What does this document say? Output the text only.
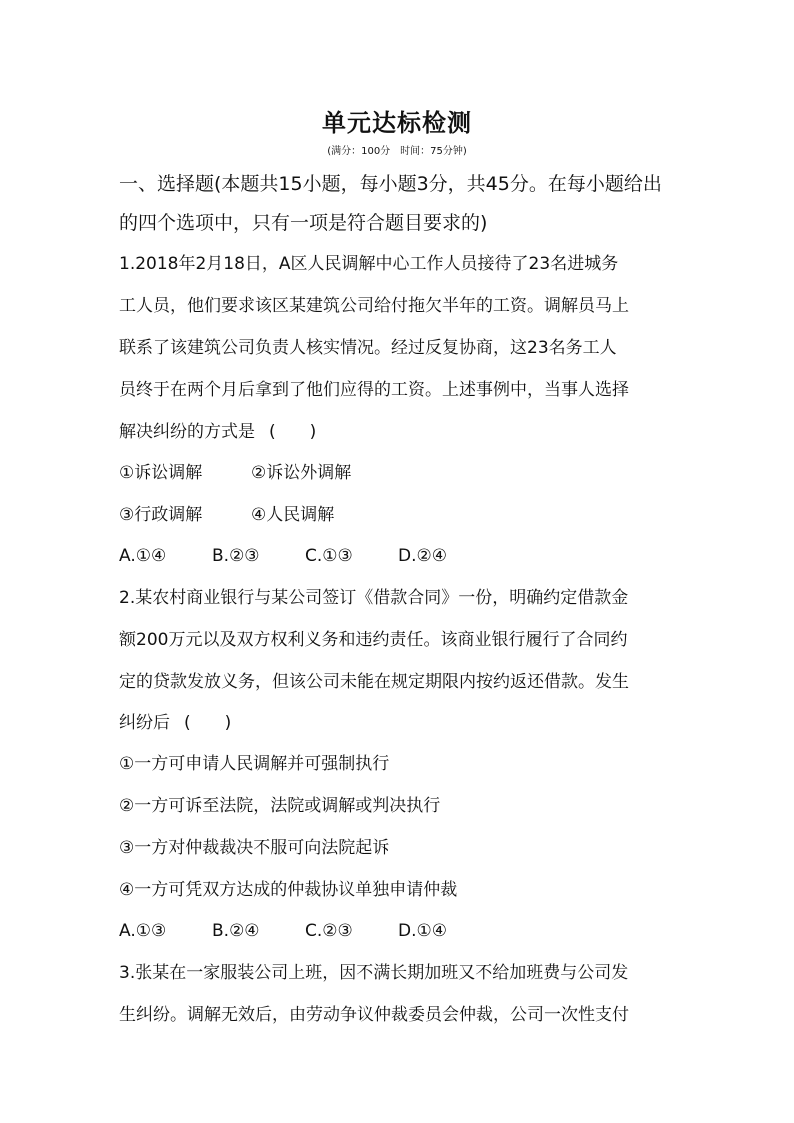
单元达标检测
(满分：100分　时间：75分钟)
一、选择题(本题共15小题，每小题3分，共45分。在每小题给出
的四个选项中，只有一项是符合题目要求的)
1.2018年2月18日，A区人民调解中心工作人员接待了23名进城务
工人员，他们要求该区某建筑公司给付拖欠半年的工资。调解员马上
联系了该建筑公司负责人核实情况。经过反复协商，这23名务工人
员终于在两个月后拿到了他们应得的工资。上述事例中，当事人选择
解决纠纷的方式是 (　　)
①诉讼调解	②诉讼外调解
③行政调解	④人民调解
A.①④	B.②③	C.①③	D.②④
2.某农村商业银行与某公司签订《借款合同》一份，明确约定借款金
额200万元以及双方权利义务和违约责任。该商业银行履行了合同约
定的贷款发放义务，但该公司未能在规定期限内按约返还借款。发生
纠纷后 (　　)
①一方可申请人民调解并可强制执行
②一方可诉至法院，法院或调解或判决执行
③一方对仲裁裁决不服可向法院起诉
④一方可凭双方达成的仲裁协议单独申请仲裁
A.①③	B.②④	C.②③	D.①④
3.张某在一家服装公司上班，因不满长期加班又不给加班费与公司发
生纠纷。调解无效后，由劳动争议仲裁委员会仲裁，公司一次性支付
